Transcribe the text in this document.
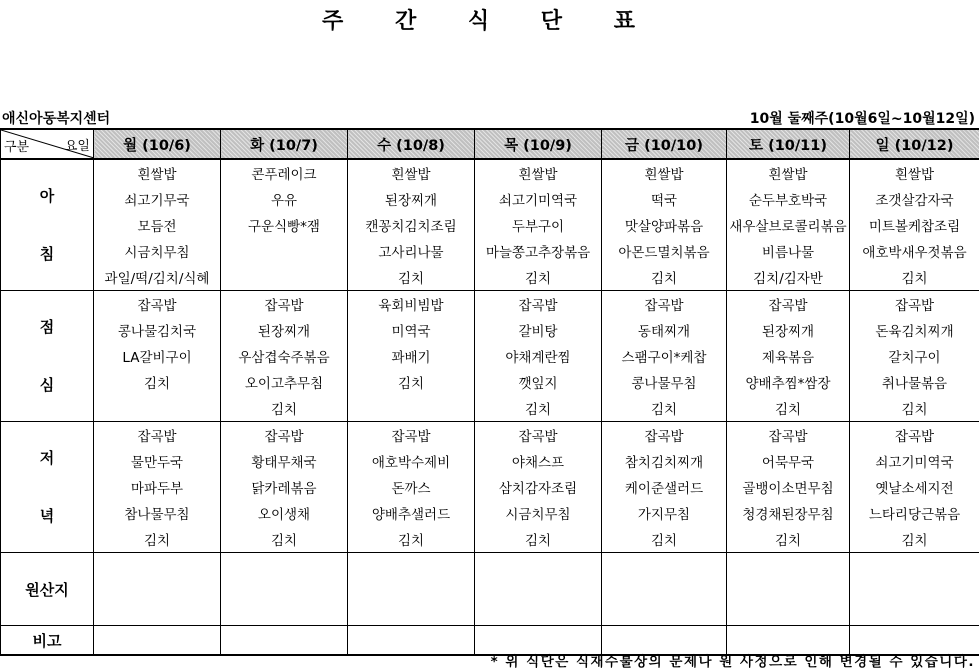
주 간 식 단 표
애신아동복지센터	10월 둘째주(10월6일~10월12일)
구분 요일	월 (10/6)	화 (10/7)	수 (10/8)	목 (10/9)	금 (10/10)	토 (10/11)	일 (10/12)

아
침	흰쌀밥	콘푸레이크	흰쌀밥	흰쌀밥	흰쌀밥	흰쌀밥	흰쌀밥
	쇠고기무국	우유	된장찌개	쇠고기미역국	떡국	순두부호박국	조갯살감자국
	모듬전	구운식빵*잼	캔꽁치김치조림	두부구이	맛살양파볶음	새우살브로콜리볶음	미트볼케찹조림
	시금치무침		고사리나물	마늘쫑고추장볶음	아몬드멸치볶음	비름나물	애호박새우젓볶음
	과일/떡/김치/식혜		김치	김치	김치	김치/김자반	김치

점
심	잡곡밥	잡곡밥	육회비빔밥	잡곡밥	잡곡밥	잡곡밥	잡곡밥
	콩나물김치국	된장찌개	미역국	갈비탕	동태찌개	된장찌개	돈육김치찌개
	LA갈비구이	우삼겹숙주볶음	꽈배기	야채계란찜	스팸구이*케찹	제육볶음	갈치구이
	김치	오이고추무침	김치	깻잎지	콩나물무침	양배추찜*쌈장	취나물볶음
		김치		김치	김치	김치	김치

저
녁	잡곡밥	잡곡밥	잡곡밥	잡곡밥	잡곡밥	잡곡밥	잡곡밥
	물만두국	황태무채국	애호박수제비	야채스프	참치김치찌개	어묵무국	쇠고기미역국
	마파두부	닭카레볶음	돈까스	삼치감자조림	케이준샐러드	골뱅이소면무침	옛날소세지전
	참나물무침	오이생채	양배추샐러드	시금치무침	가지무침	청경채된장무침	느타리당근볶음
	김치	김치	김치	김치	김치	김치	김치
원산지							
비고							
* 위 식단은 식재수불상의 문제나 원 사정으로 인해 변경될 수 있습니다.
